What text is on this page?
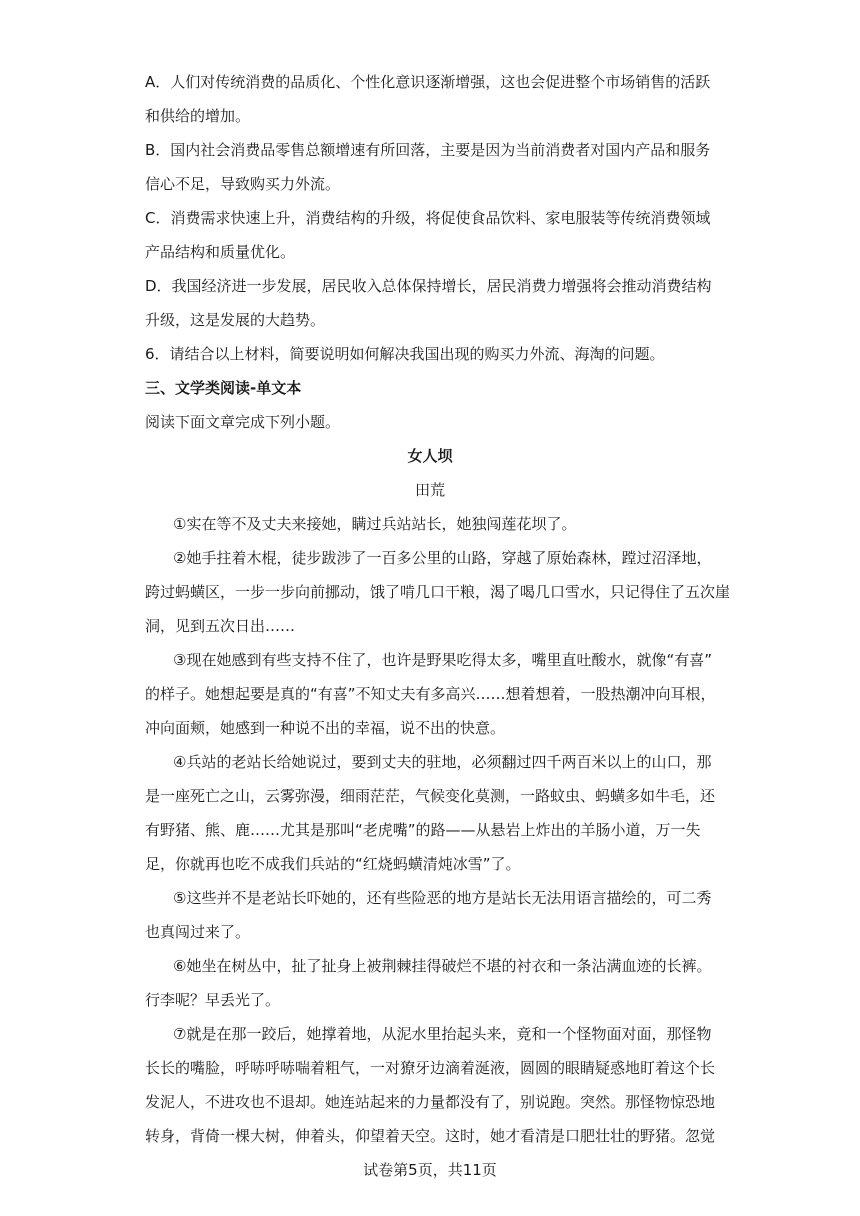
A．人们对传统消费的品质化、个性化意识逐渐增强，这也会促进整个市场销售的活跃
和供给的增加。
B．国内社会消费品零售总额增速有所回落，主要是因为当前消费者对国内产品和服务
信心不足，导致购买力外流。
C．消费需求快速上升，消费结构的升级，将促使食品饮料、家电服装等传统消费领域
产品结构和质量优化。
D．我国经济进一步发展，居民收入总体保持增长，居民消费力增强将会推动消费结构
升级，这是发展的大趋势。
6．请结合以上材料，简要说明如何解决我国出现的购买力外流、海淘的问题。
三、文学类阅读-单文本
阅读下面文章完成下列小题。
女人坝
田荒
①实在等不及丈夫来接她，瞒过兵站站长，她独闯莲花坝了。
②她手拄着木棍，徒步跋涉了一百多公里的山路，穿越了原始森林，蹚过沼泽地，
跨过蚂蟥区，一步一步向前挪动，饿了啃几口干粮，渴了喝几口雪水，只记得住了五次崖
洞，见到五次日出……
③现在她感到有些支持不住了，也许是野果吃得太多，嘴里直吐酸水，就像“有喜”
的样子。她想起要是真的“有喜”不知丈夫有多高兴……想着想着，一股热潮冲向耳根，
冲向面颊，她感到一种说不出的幸福，说不出的快意。
④兵站的老站长给她说过，要到丈夫的驻地，必须翻过四千两百米以上的山口，那
是一座死亡之山，云雾弥漫，细雨茫茫，气候变化莫测，一路蚊虫、蚂蟥多如牛毛，还
有野猪、熊、鹿……尤其是那叫“老虎嘴”的路——从悬岩上炸出的羊肠小道，万一失
足，你就再也吃不成我们兵站的“红烧蚂蟥清炖冰雪”了。
⑤这些并不是老站长吓她的，还有些险恶的地方是站长无法用语言描绘的，可二秀
也真闯过来了。
⑥她坐在树丛中，扯了扯身上被荆棘挂得破烂不堪的衬衣和一条沾满血迹的长裤。
行李呢？早丢光了。
⑦就是在那一跤后，她撑着地，从泥水里抬起头来，竟和一个怪物面对面，那怪物
长长的嘴脸，呼哧呼哧喘着粗气，一对獠牙边滴着涎液，圆圆的眼睛疑惑地盯着这个长
发泥人，不进攻也不退却。她连站起来的力量都没有了，别说跑。突然。那怪物惊恐地
转身，背倚一棵大树，伸着头，仰望着天空。这时，她才看清是口肥壮壮的野猪。忽觉
试卷第5页，共11页
